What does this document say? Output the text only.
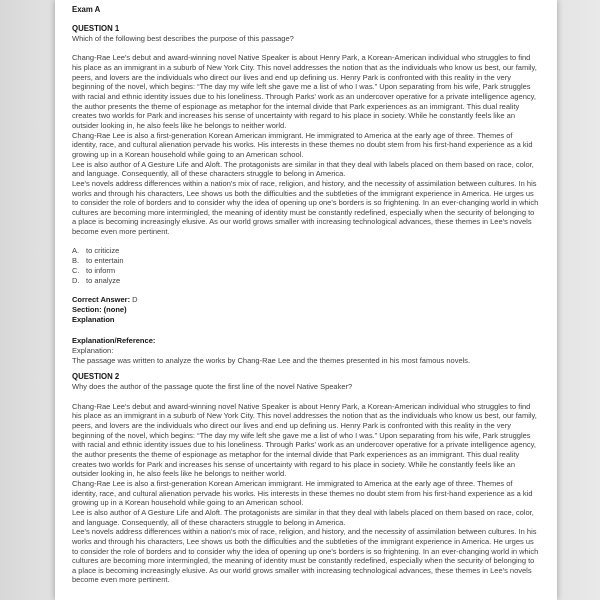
Exam A
QUESTION 1
Which of the following best describes the purpose of this passage?

Chang-Rae Lee's debut and award-winning novel Native Speaker is about Henry Park, a Korean-American individual who struggles to find his place as an immigrant in a suburb of New York City. This novel addresses the notion that as the individuals who know us best, our family, peers, and lovers are the individuals who direct our lives and end up defining us. Henry Park is confronted with this reality in the very beginning of the novel, which begins: “The day my wife left she gave me a list of who I was.” Upon separating from his wife, Park struggles with racial and ethnic identity issues due to his loneliness. Through Parks' work as an undercover operative for a private intelligence agency, the author presents the theme of espionage as metaphor for the internal divide that Park experiences as an immigrant. This dual reality creates two worlds for Park and increases his sense of uncertainty with regard to his place in society. While he constantly feels like an outsider looking in, he also feels like he belongs to neither world.

Chang-Rae Lee is also a first-generation Korean American immigrant. He immigrated to America at the early age of three. Themes of identity, race, and cultural alienation pervade his works. His interests in these themes no doubt stem from his first-hand experience as a kid growing up in a Korean household while going to an American school.

Lee is also author of A Gesture Life and Aloft. The protagonists are similar in that they deal with labels placed on them based on race, color, and language. Consequently, all of these characters struggle to belong in America.

Lee's novels address differences within a nation's mix of race, religion, and history, and the necessity of assimilation between cultures. In his works and through his characters, Lee shows us both the difficulties and the subtleties of the immigrant experience in America. He urges us to consider the role of borders and to consider why the idea of opening up one's borders is so frightening. In an ever-changing world in which cultures are becoming more intermingled, the meaning of identity must be constantly redefined, especially when the security of belonging to a place is becoming increasingly elusive. As our world grows smaller with increasing technological advances, these themes in Lee's novels become even more pertinent.

A. to criticize
B. to entertain
C. to inform
D. to analyze
Correct Answer: D
Section: (none)
Explanation
Explanation/Reference:
Explanation:
The passage was written to analyze the works by Chang-Rae Lee and the themes presented in his most famous novels.
QUESTION 2
Why does the author of the passage quote the first line of the novel Native Speaker?

Chang-Rae Lee's debut and award-winning novel Native Speaker is about Henry Park, a Korean-American individual who struggles to find his place as an immigrant in a suburb of New York City. This novel addresses the notion that as the individuals who know us best, our family, peers, and lovers are the individuals who direct our lives and end up defining us. Henry Park is confronted with this reality in the very beginning of the novel, which begins: “The day my wife left she gave me a list of who I was.” Upon separating from his wife, Park struggles with racial and ethnic identity issues due to his loneliness. Through Parks' work as an undercover operative for a private intelligence agency, the author presents the theme of espionage as metaphor for the internal divide that Park experiences as an immigrant. This dual reality creates two worlds for Park and increases his sense of uncertainty with regard to his place in society. While he constantly feels like an outsider looking in, he also feels like he belongs to neither world.

Chang-Rae Lee is also a first-generation Korean American immigrant. He immigrated to America at the early age of three. Themes of identity, race, and cultural alienation pervade his works. His interests in these themes no doubt stem from his first-hand experience as a kid growing up in a Korean household while going to an American school.

Lee is also author of A Gesture Life and Aloft. The protagonists are similar in that they deal with labels placed on them based on race, color, and language. Consequently, all of these characters struggle to belong in America.

Lee's novels address differences within a nation's mix of race, religion, and history, and the necessity of assimilation between cultures. In his works and through his characters, Lee shows us both the difficulties and the subtleties of the immigrant experience in America. He urges us to consider the role of borders and to consider why the idea of opening up one's borders is so frightening. In an ever-changing world in which cultures are becoming more intermingled, the meaning of identity must be constantly redefined, especially when the security of belonging to a place is becoming increasingly elusive. As our world grows smaller with increasing technological advances, these themes in Lee's novels become even more pertinent.
